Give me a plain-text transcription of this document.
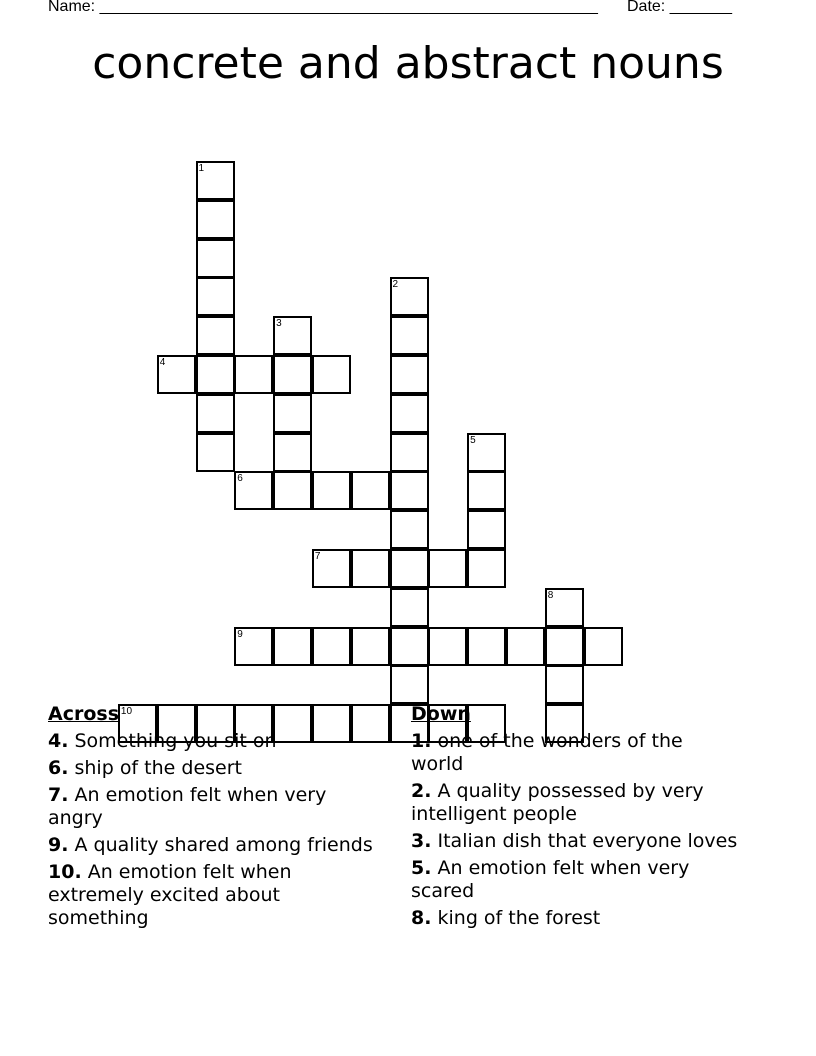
Name: ________________________________________________________ Date: _______
concrete and abstract nouns
1
2
3
4
5
6
7
8
9
10
Across
4. Something you sit on
6. ship of the desert
7. An emotion felt when very angry
9. A quality shared among friends
10. An emotion felt when extremely excited about something
Down
1. one of the wonders of the world
2. A quality possessed by very intelligent people
3. Italian dish that everyone loves
5. An emotion felt when very scared
8. king of the forest
